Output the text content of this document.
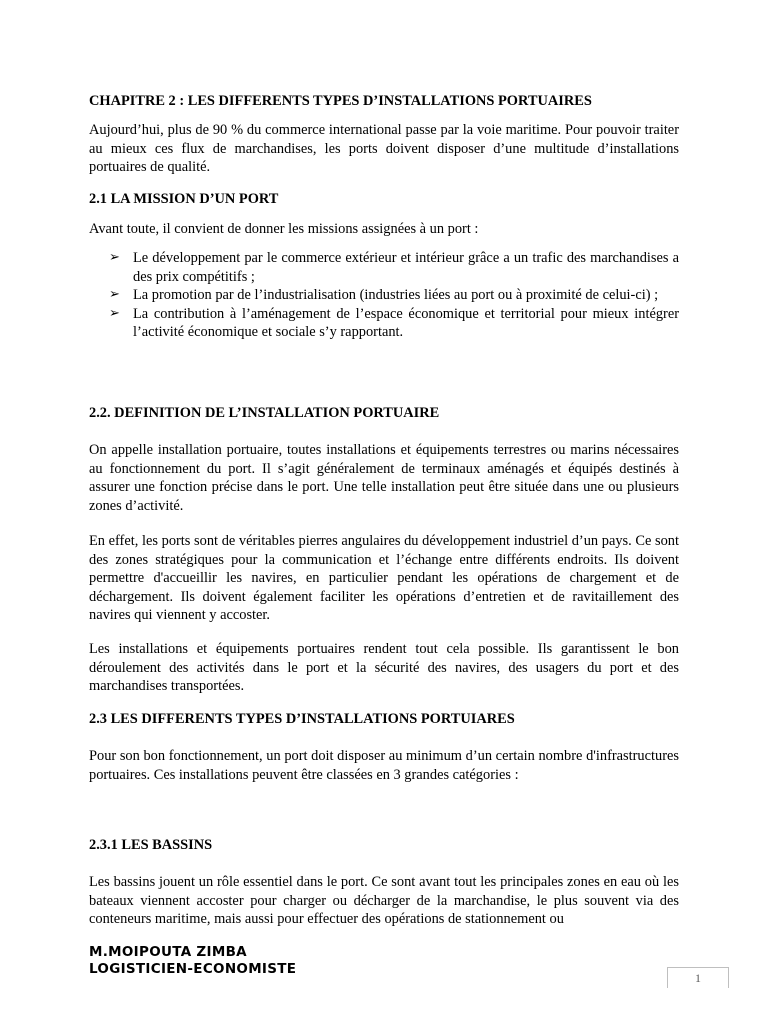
CHAPITRE 2 : LES DIFFERENTS TYPES D’INSTALLATIONS PORTUAIRES

Aujourd’hui, plus de 90 % du commerce international passe par la voie maritime. Pour pouvoir traiter au mieux ces flux de marchandises, les ports doivent disposer d’une multitude d’installations portuaires de qualité.

2.1 LA MISSION D’UN PORT

Avant toute, il convient de donner les missions assignées à un port :

➢ Le développement par le commerce extérieur et intérieur grâce a un trafic des marchandises a des prix compétitifs ;
➢ La promotion par de l’industrialisation (industries liées au port ou à proximité de celui-ci) ;
➢ La contribution à l’aménagement de l’espace économique et territorial pour mieux intégrer l’activité économique et sociale s’y rapportant.
2.2. DEFINITION DE L’INSTALLATION PORTUAIRE

On appelle installation portuaire, toutes installations et équipements terrestres ou marins nécessaires au fonctionnement du port. Il s’agit généralement de terminaux aménagés et équipés destinés à assurer une fonction précise dans le port. Une telle installation peut être située dans une ou plusieurs zones d’activité.

En effet, les ports sont de véritables pierres angulaires du développement industriel d’un pays. Ce sont des zones stratégiques pour la communication et l’échange entre différents endroits. Ils doivent permettre d'accueillir les navires, en particulier pendant les opérations de chargement et de déchargement. Ils doivent également faciliter les opérations d’entretien et de ravitaillement des navires qui viennent y accoster.

Les installations et équipements portuaires rendent tout cela possible. Ils garantissent le bon déroulement des activités dans le port et la sécurité des navires, des usagers du port et des marchandises transportées.

2.3 LES DIFFERENTS TYPES D’INSTALLATIONS PORTUIARES

Pour son bon fonctionnement, un port doit disposer au minimum d’un certain nombre d'infrastructures portuaires. Ces installations peuvent être classées en 3 grandes catégories :

2.3.1 LES BASSINS

Les bassins jouent un rôle essentiel dans le port. Ce sont avant tout les principales zones en eau où les bateaux viennent accoster pour charger ou décharger de la marchandise, le plus souvent via des conteneurs maritime, mais aussi pour effectuer des opérations de stationnement ou

M.MOIPOUTA ZIMBA
LOGISTICIEN-ECONOMISTE
1
